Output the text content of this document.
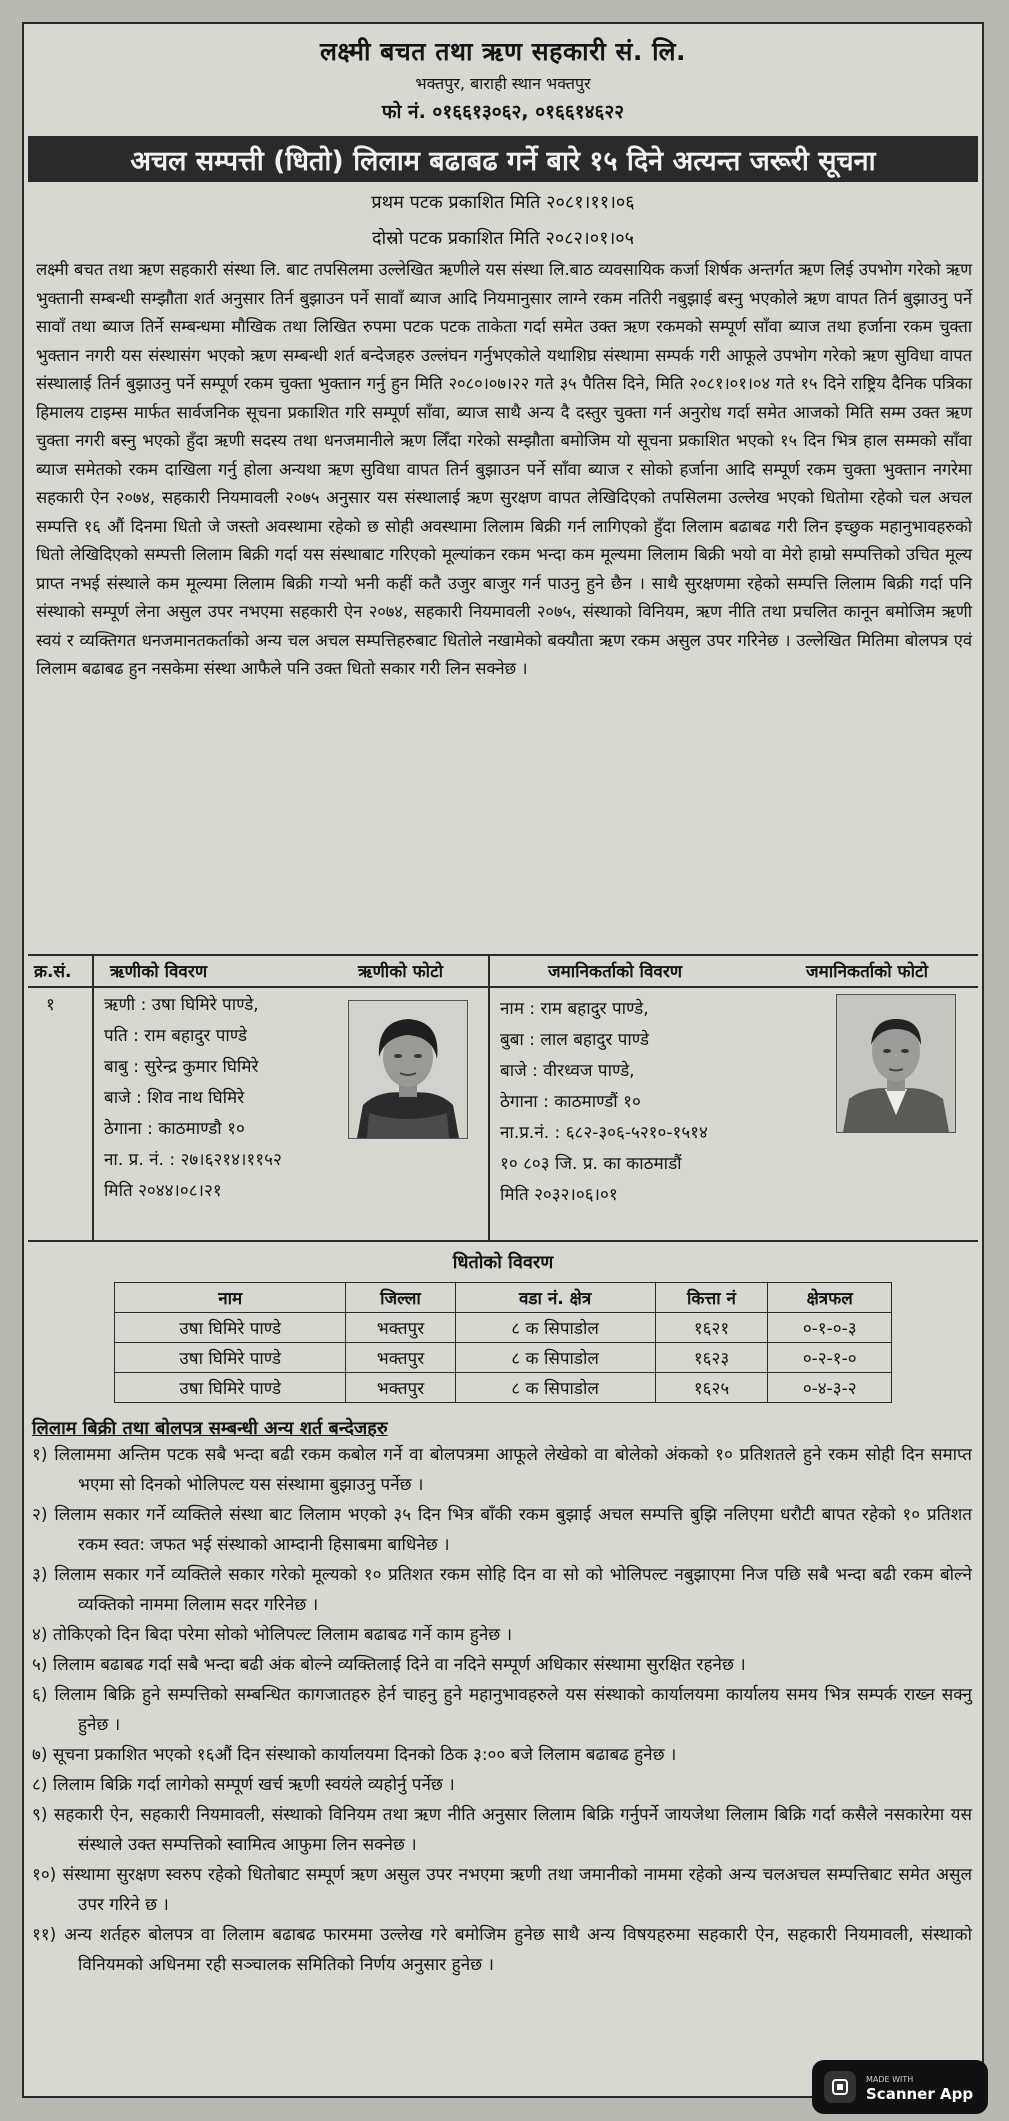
लक्ष्मी बचत तथा ऋण सहकारी सं. लि.
भक्तपुर, बाराही स्थान भक्तपुर
फो नं. ०१६६१३०६२, ०१६६१४६२२
अचल सम्पत्ती (धितो) लिलाम बढाबढ गर्ने बारे १५ दिने अत्यन्त जरूरी सूचना
प्रथम पटक प्रकाशित मिति २०८१।११।०६
दोस्रो पटक प्रकाशित मिति २०८२।०१।०५
लक्ष्मी बचत तथा ऋण सहकारी संस्था लि. बाट तपसिलमा उल्लेखित ऋणीले यस संस्था लि.बाठ व्यवसायिक कर्जा शिर्षक अन्तर्गत ऋण लिई उपभोग गरेको ऋण भुक्तानी सम्बन्धी सम्झौता शर्त अनुसार तिर्न बुझाउन पर्ने सावाँ ब्याज आदि नियमानुसार लाग्ने रकम नतिरी नबुझाई बस्नु भएकोले ऋण वापत तिर्न बुझाउनु पर्ने सावाँ तथा ब्याज तिर्ने सम्बन्धमा मौखिक तथा लिखित रुपमा पटक पटक ताकेता गर्दा समेत उक्त ऋण रकमको सम्पूर्ण साँवा ब्याज तथा हर्जाना रकम चुक्ता भुक्तान नगरी यस संस्थासंग भएको ऋण सम्बन्धी शर्त बन्देजहरु उल्लंघन गर्नुभएकोले यथाशिघ्र संस्थामा सम्पर्क गरी आफूले उपभोग गरेको ऋण सुविधा वापत संस्थालाई तिर्न बुझाउनु पर्ने सम्पूर्ण रकम चुक्ता भुक्तान गर्नु हुन मिति २०८०।०७।२२ गते ३५ पैतिस दिने, मिति २०८१।०१।०४ गते १५ दिने राष्ट्रिय दैनिक पत्रिका हिमालय टाइम्स मार्फत सार्वजनिक सूचना प्रकाशित गरि सम्पूर्ण साँवा, ब्याज साथै अन्य दै दस्तुर चुक्ता गर्न अनुरोध गर्दा समेत आजको मिति सम्म उक्त ऋण चुक्ता नगरी बस्नु भएको हुँदा ऋणी सदस्य तथा धनजमानीले ऋण लिँदा गरेको सम्झौता बमोजिम यो सूचना प्रकाशित भएको १५ दिन भित्र हाल सम्मको साँवा ब्याज समेतको रकम दाखिला गर्नु होला अन्यथा ऋण सुविधा वापत तिर्न बुझाउन पर्ने साँवा ब्याज र सोको हर्जाना आदि सम्पूर्ण रकम चुक्ता भुक्तान नगरेमा सहकारी ऐन २०७४, सहकारी नियमावली २०७५ अनुसार यस संस्थालाई ऋण सुरक्षण वापत लेखिदिएको तपसिलमा उल्लेख भएको धितोमा रहेको चल अचल सम्पत्ति १६ औं दिनमा धितो जे जस्तो अवस्थामा रहेको छ सोही अवस्थामा लिलाम बिक्री गर्न लागिएको हुँदा लिलाम बढाबढ गरी लिन इच्छुक महानुभावहरुको धितो लेखिदिएको सम्पत्ती लिलाम बिक्री गर्दा यस संस्थाबाट गरिएको मूल्यांकन रकम भन्दा कम मूल्यमा लिलाम बिक्री भयो वा मेरो हाम्रो सम्पत्तिको उचित मूल्य प्राप्त नभई संस्थाले कम मूल्यमा लिलाम बिक्री गऱ्यो भनी कहीं कतै उजुर बाजुर गर्न पाउनु हुने छैन । साथै सुरक्षणमा रहेको सम्पत्ति लिलाम बिक्री गर्दा पनि संस्थाको सम्पूर्ण लेना असुल उपर नभएमा सहकारी ऐन २०७४, सहकारी नियमावली २०७५, संस्थाको विनियम, ऋण नीति तथा प्रचलित कानून बमोजिम ऋणी स्वयं र व्यक्तिगत धनजमानतकर्ताको अन्य चल अचल सम्पत्तिहरुबाट धितोले नखामेको बक्यौता ऋण रकम असुल उपर गरिनेछ । उल्लेखित मितिमा बोलपत्र एवं लिलाम बढाबढ हुन नसकेमा संस्था आफैले पनि उक्त धितो सकार गरी लिन सक्नेछ ।
क्र.सं. ऋणीको विवरण	ऋणीको फोटो	जमानिकर्ताको विवरण	जमानिकर्ताको फोटो
१	ऋणी : उषा घिमिरे पाण्डे,
पति : राम बहादुर पाण्डे
बाबु : सुरेन्द्र कुमार घिमिरे
बाजे : शिव नाथ घिमिरे
ठेगाना : काठमाण्डौ १०
ना. प्र. नं. : २७।६२१४।११५२
मिति २०४४।०८।२१
नाम : राम बहादुर पाण्डे,
बुबा : लाल बहादुर पाण्डे
बाजे : वीरध्वज पाण्डे,
ठेगाना : काठमाण्डौं १०
ना.प्र.नं. : ६८२-३०६-५२१०-१५१४
१० ८०३ जि. प्र. का काठमाडौं
मिति २०३२।०६।०१
धितोको विवरण
नाम	जिल्ला	वडा नं. क्षेत्र	कित्ता नं	क्षेत्रफल
उषा घिमिरे पाण्डे	भक्तपुर	८ क सिपाडोल	१६२१	०-१-०-३
उषा घिमिरे पाण्डे	भक्तपुर	८ क सिपाडोल	१६२३	०-२-१-०
उषा घिमिरे पाण्डे	भक्तपुर	८ क सिपाडोल	१६२५	०-४-३-२
लिलाम बिक्री तथा बोलपत्र सम्बन्धी अन्य शर्त बन्देजहरु
१) लिलाममा अन्तिम पटक सबै भन्दा बढी रकम कबोल गर्ने वा बोलपत्रमा आफूले लेखेको वा बोलेको अंकको १० प्रतिशतले हुने रकम सोही दिन समाप्त भएमा सो दिनको भोलिपल्ट यस संस्थामा बुझाउनु पर्नेछ ।
२) लिलाम सकार गर्ने व्यक्तिले संस्था बाट लिलाम भएको ३५ दिन भित्र बाँकी रकम बुझाई अचल सम्पत्ति बुझि नलिएमा धरौटी बापत रहेको १० प्रतिशत रकम स्वत: जफत भई संस्थाको आम्दानी हिसाबमा बाधिनेछ ।
३) लिलाम सकार गर्ने व्यक्तिले सकार गरेको मूल्यको १० प्रतिशत रकम सोहि दिन वा सो को भोलिपल्ट नबुझाएमा निज पछि सबै भन्दा बढी रकम बोल्ने व्यक्तिको नाममा लिलाम सदर गरिनेछ ।
४) तोकिएको दिन बिदा परेमा सोको भोलिपल्ट लिलाम बढाबढ गर्ने काम हुनेछ ।
५) लिलाम बढाबढ गर्दा सबै भन्दा बढी अंक बोल्ने व्यक्तिलाई दिने वा नदिने सम्पूर्ण अधिकार संस्थामा सुरक्षित रहनेछ ।
६) लिलाम बिक्रि हुने सम्पत्तिको सम्बन्धित कागजातहरु हेर्न चाहनु हुने महानुभावहरुले यस संस्थाको कार्यालयमा कार्यालय समय भित्र सम्पर्क राख्न सक्नु हुनेछ ।
७) सूचना प्रकाशित भएको १६औं दिन संस्थाको कार्यालयमा दिनको ठिक ३:०० बजे लिलाम बढाबढ हुनेछ ।
८) लिलाम बिक्रि गर्दा लागेको सम्पूर्ण खर्च ऋणी स्वयंले व्यहोर्नु पर्नेछ ।
९) सहकारी ऐन, सहकारी नियमावली, संस्थाको विनियम तथा ऋण नीति अनुसार लिलाम बिक्रि गर्नुपर्ने जायजेथा लिलाम बिक्रि गर्दा कसैले नसकारेमा यस संस्थाले उक्त सम्पत्तिको स्वामित्व आफुमा लिन सक्नेछ ।
१०) संस्थामा सुरक्षण स्वरुप रहेको धितोबाट सम्पूर्ण ऋण असुल उपर नभएमा ऋणी तथा जमानीको नाममा रहेको अन्य चलअचल सम्पत्तिबाट समेत असुल उपर गरिने छ ।
११) अन्य शर्तहरु बोलपत्र वा लिलाम बढाबढ फारममा उल्लेख गरे बमोजिम हुनेछ साथै अन्य विषयहरुमा सहकारी ऐन, सहकारी नियमावली, संस्थाको विनियमको अधिनमा रही सञ्चालक समितिको निर्णय अनुसार हुनेछ ।
MADE WITH
Scanner App
